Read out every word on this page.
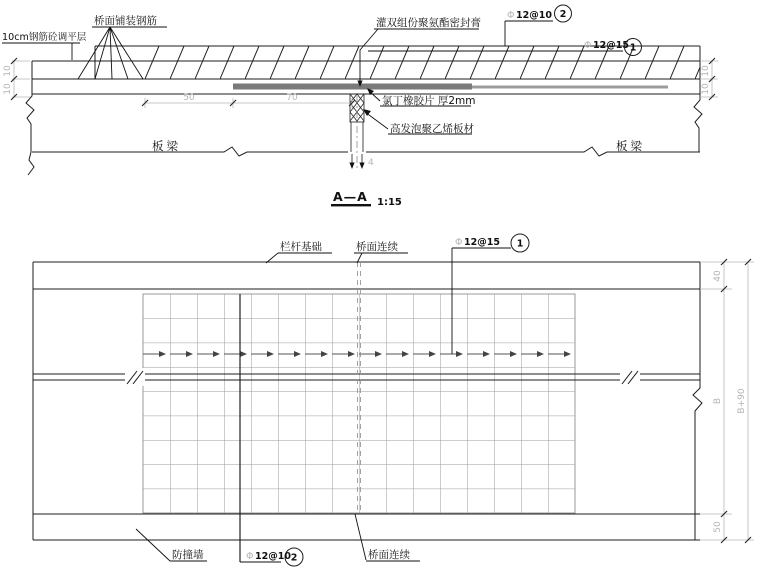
4
50	70
10
10
10
10
10cm钢筋砼调平层
桥面铺装钢筋	灌双组份聚氨酯密封膏
氯丁橡胶片 厚2mm
高发泡聚乙烯板材
Φ 12@10 2
Φ 12@15 1
板梁	板梁
A—A 1:15
栏杆基础	桥面连续	Φ 12@15 1
防撞墙	Φ 12@10 2	桥面连续
40
B
50
B+90
